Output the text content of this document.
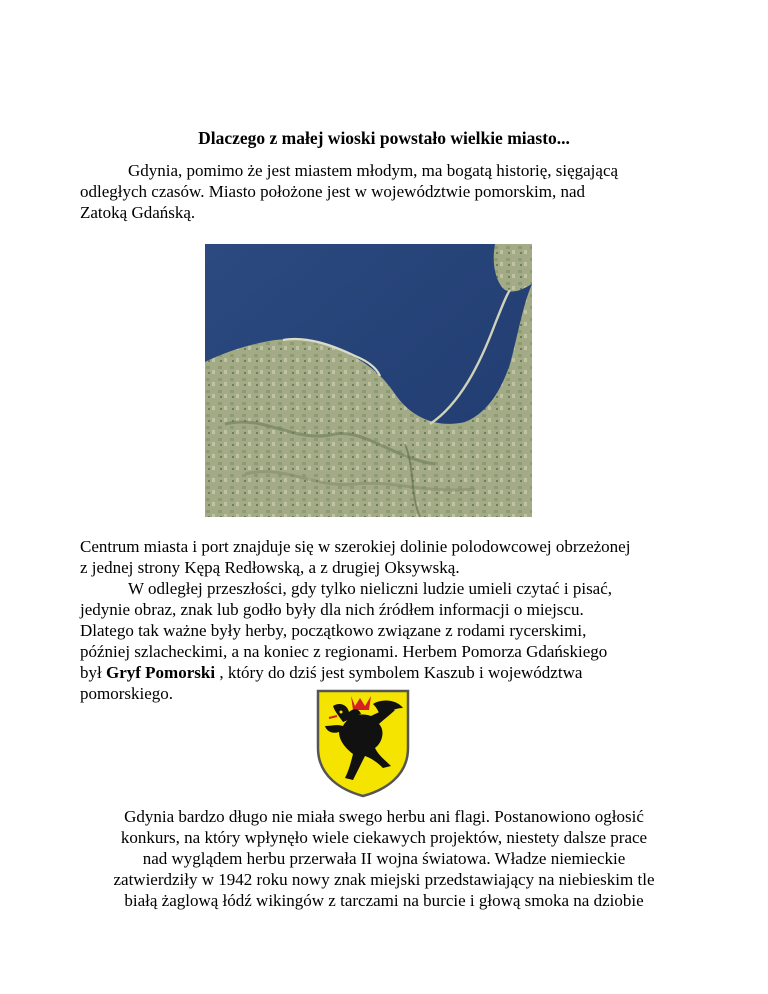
Dlaczego z małej wioski powstało wielkie miasto...

Gdynia, pomimo że jest miastem młodym, ma bogatą historię, sięgającą
odległych czasów. Miasto położone jest w województwie pomorskim, nad
Zatoką Gdańską.

Centrum miasta i port znajduje się w szerokiej dolinie polodowcowej obrzeżonej
z jednej strony Kępą Redłowską, a z drugiej Oksywską.

W odległej przeszłości, gdy tylko nieliczni ludzie umieli czytać i pisać,
jedynie obraz, znak lub godło były dla nich źródłem informacji o miejscu.
Dlatego tak ważne były herby, początkowo związane z rodami rycerskimi,
później szlacheckimi, a na koniec z regionami. Herbem Pomorza Gdańskiego
był Gryf Pomorski , który do dziś jest symbolem Kaszub i województwa
pomorskiego.

Gdynia bardzo długo nie miała swego herbu ani flagi. Postanowiono ogłosić
konkurs, na który wpłynęło wiele ciekawych projektów, niestety dalsze prace
nad wyglądem herbu przerwała II wojna światowa. Władze niemieckie
zatwierdziły w 1942 roku nowy znak miejski przedstawiający na niebieskim tle
białą żaglową łódź wikingów z tarczami na burcie i głową smoka na dziobie
